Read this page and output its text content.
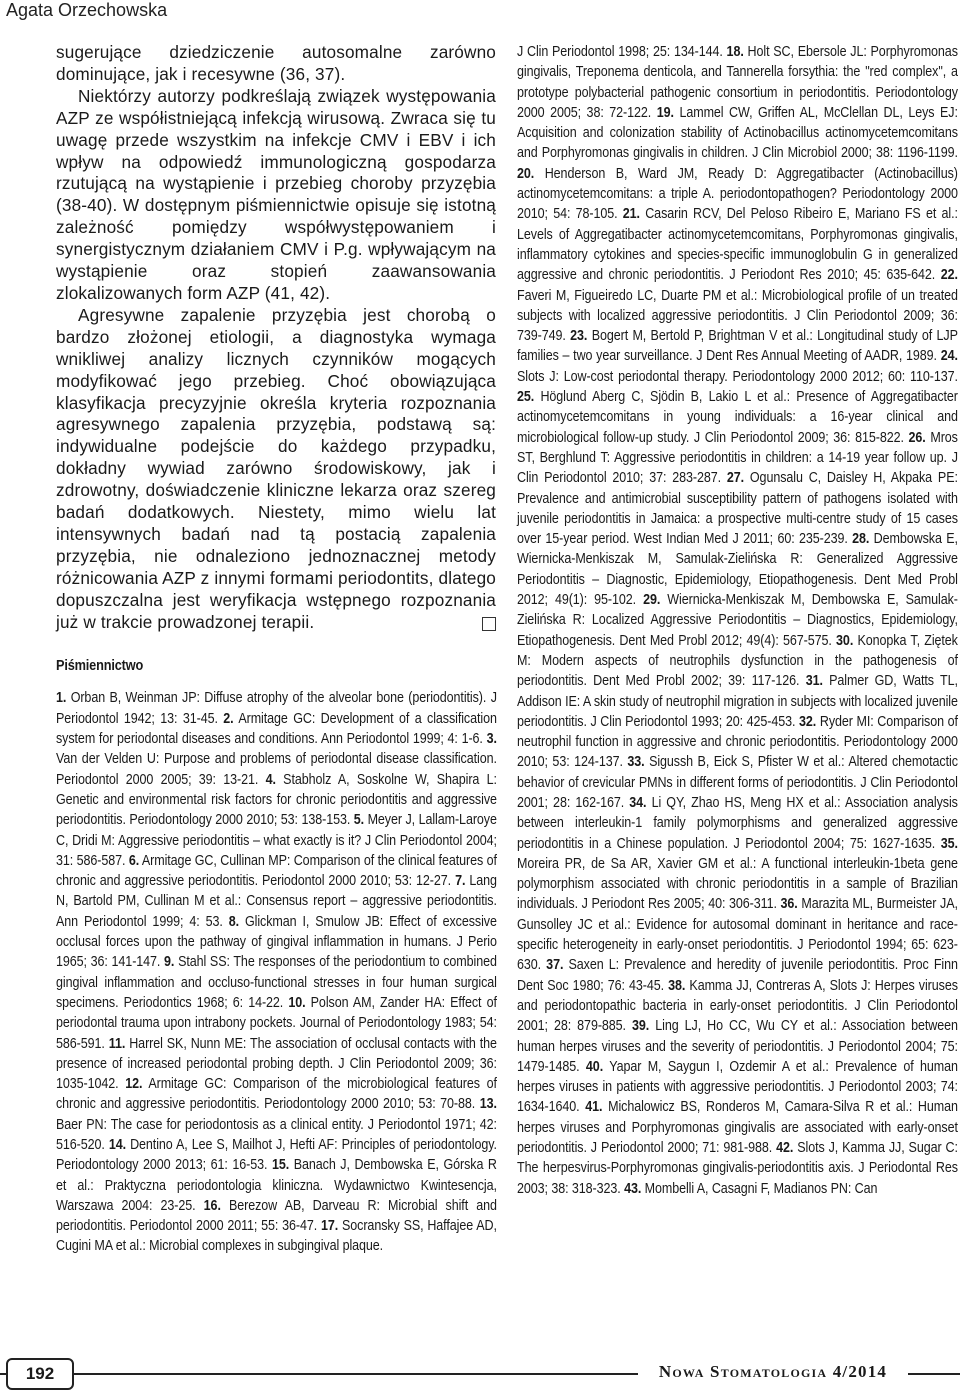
Agata Orzechowska

sugerujące dziedziczenie autosomalne zarówno dominujące, jak i recesywne (36, 37).

Niektórzy autorzy podkreślają związek występowania AZP ze współistniejącą infekcją wirusową. Zwraca się tu uwagę przede wszystkim na infekcje CMV i EBV i ich wpływ na odpowiedź immunologiczną gospodarza rzutującą na wystąpienie i przebieg choroby przyzębia (38-40). W dostępnym piśmiennictwie opisuje się istotną zależność pomiędzy współwystępowaniem i synergistycznym działaniem CMV i P.g. wpływającym na wystąpienie oraz stopień zaawansowania zlokalizowanych form AZP (41, 42).

Agresywne zapalenie przyzębia jest chorobą o bardzo złożonej etiologii, a diagnostyka wymaga wnikliwej analizy licznych czynników mogących modyfikować jego przebieg. Choć obowiązująca klasyfikacja precyzyjnie określa kryteria rozpoznania agresywnego zapalenia przyzębia, podstawą są: indywidualne podejście do każdego przypadku, dokładny wywiad zarówno środowiskowy, jak i zdrowotny, doświadczenie kliniczne lekarza oraz szereg badań dodatkowych. Niestety, mimo wielu lat intensywnych badań nad tą postacią zapalenia przyzębia, nie odnaleziono jednoznacznej metody różnicowania AZP z innymi formami periodontits, dlatego dopuszczalna jest weryfikacja wstępnego rozpoznania już w trakcie prowadzonej terapii.

Piśmiennictwo
1. Orban B, Weinman JP: Diffuse atrophy of the alveolar bone (periodontitis). J Periodontol 1942; 13: 31-45. 2. Armitage GC: Development of a classification system for periodontal diseases and conditions. Ann Periodontol 1999; 4: 1-6. 3. Van der Velden U: Purpose and problems of periodontal disease classification. Periodontol 2000 2005; 39: 13-21. 4. Stabholz A, Soskolne W, Shapira L: Genetic and environmental risk factors for chronic periodontitis and aggressive periodontitis. Periodontology 2000 2010; 53: 138-153. 5. Meyer J, Lallam-Laroye C, Dridi M: Aggressive periodontitis – what exactly is it? J Clin Periodontol 2004; 31: 586-587. 6. Armitage GC, Cullinan MP: Comparison of the clinical features of chronic and aggressive periodontitis. Periodontol 2000 2010; 53: 12-27. 7. Lang N, Bartold PM, Cullinan M et al.: Consensus report – aggressive periodontitis. Ann Periodontol 1999; 4: 53. 8. Glickman I, Smulow JB: Effect of excessive occlusal forces upon the pathway of gingival inflammation in humans. J Perio 1965; 36: 141-147. 9. Stahl SS: The responses of the periodontium to combined gingival inflammation and occluso-functional stresses in four human surgical specimens. Periodontics 1968; 6: 14-22. 10. Polson AM, Zander HA: Effect of periodontal trauma upon intrabony pockets. Journal of Periodontology 1983; 54: 586-591. 11. Harrel SK, Nunn ME: The association of occlusal contacts with the presence of increased periodontal probing depth. J Clin Periodontol 2009; 36: 1035-1042. 12. Armitage GC: Comparison of the microbiological features of chronic and aggressive periodontitis. Periodontology 2000 2010; 53: 70-88. 13. Baer PN: The case for periodontosis as a clinical entity. J Periodontol 1971; 42: 516-520. 14. Dentino A, Lee S, Mailhot J, Hefti AF: Principles of periodontology. Periodontology 2000 2013; 61: 16-53. 15. Banach J, Dembowska E, Górska R et al.: Praktyczna periodontologia kliniczna. Wydawnictwo Kwintesencja, Warszawa 2004: 23-25. 16. Berezow AB, Darveau R: Microbial shift and periodontitis. Periodontol 2000 2011; 55: 36-47. 17. Socransky SS, Haffajee AD, Cugini MA et al.: Microbial complexes in subgingival plaque.
J Clin Periodontol 1998; 25: 134-144. 18. Holt SC, Ebersole JL: Porphyromonas gingivalis, Treponema denticola, and Tannerella forsythia: the "red complex", a prototype polybacterial pathogenic consortium in periodontitis. Periodontology 2000 2005; 38: 72-122. 19. Lammel CW, Griffen AL, McClellan DL, Leys EJ: Acquisition and colonization stability of Actinobacillus actinomycetemcomitans and Porphyromonas gingivalis in children. J Clin Microbiol 2000; 38: 1196-1199. 20. Henderson B, Ward JM, Ready D: Aggregatibacter (Actinobacillus) actinomycetemcomitans: a triple A. periodontopathogen? Periodontology 2000 2010; 54: 78-105. 21. Casarin RCV, Del Peloso Ribeiro E, Mariano FS et al.: Levels of Aggregatibacter actinomycetemcomitans, Porphyromonas gingivalis, inflammatory cytokines and species-specific immunoglobulin G in generalized aggressive and chronic periodontitis. J Periodont Res 2010; 45: 635-642. 22. Faveri M, Figueiredo LC, Duarte PM et al.: Microbiological profile of un treated subjects with localized aggressive periodontitis. J Clin Periodontol 2009; 36: 739-749. 23. Bogert M, Bertold P, Brightman V et al.: Longitudinal study of LJP families – two year surveillance. J Dent Res Annual Meeting of AADR, 1989. 24. Slots J: Low-cost periodontal therapy. Periodontology 2000 2012; 60: 110-137. 25. Höglund Aberg C, Sjödin B, Lakio L et al.: Presence of Aggregatibacter actinomycetemcomitans in young individuals: a 16-year clinical and microbiological follow-up study. J Clin Periodontol 2009; 36: 815-822. 26. Mros ST, Berghlund T: Aggressive periodontitis in children: a 14-19 year follow up. J Clin Periodontol 2010; 37: 283-287. 27. Ogunsalu C, Daisley H, Akpaka PE: Prevalence and antimicrobial susceptibility pattern of pathogens isolated with juvenile periodontitis in Jamaica: a prospective multi-centre study of 15 cases over 15-year period. West Indian Med J 2011; 60: 235-239. 28. Dembowska E, Wiernicka-Menkiszak M, Samulak-Zielińska R: Generalized Aggressive Periodontitis – Diagnostic, Epidemiology, Etiopathogenesis. Dent Med Probl 2012; 49(1): 95-102. 29. Wiernicka-Menkiszak M, Dembowska E, Samulak-Zielińska R: Localized Aggressive Periodontitis – Diagnostics, Epidemiology, Etiopathogenesis. Dent Med Probl 2012; 49(4): 567-575. 30. Konopka T, Ziętek M: Modern aspects of neutrophils dysfunction in the pathogenesis of periodontitis. Dent Med Probl 2002; 39: 117-126. 31. Palmer GD, Watts TL, Addison IE: A skin study of neutrophil migration in subjects with localized juvenile periodontitis. J Clin Periodontol 1993; 20: 425-453. 32. Ryder MI: Comparison of neutrophil function in aggressive and chronic periodontitis. Periodontology 2000 2010; 53: 124-137. 33. Sigussh B, Eick S, Pfister W et al.: Altered chemotactic behavior of crevicular PMNs in different forms of periodontitis. J Clin Periodontol 2001; 28: 162-167. 34. Li QY, Zhao HS, Meng HX et al.: Association analysis between interleukin-1 family polymorphisms and generalized aggressive periodontitis in a Chinese population. J Periodontol 2004; 75: 1627-1635. 35. Moreira PR, de Sa AR, Xavier GM et al.: A functional interleukin-1beta gene polymorphism associated with chronic periodontitis in a sample of Brazilian individuals. J Periodont Res 2005; 40: 306-311. 36. Marazita ML, Burmeister JA, Gunsolley JC et al.: Evidence for autosomal dominant in heritance and race-specific heterogeneity in early-onset periodontitis. J Periodontol 1994; 65: 623-630. 37. Saxen L: Prevalence and heredity of juvenile periodontitis. Proc Finn Dent Soc 1980; 76: 43-45. 38. Kamma JJ, Contreras A, Slots J: Herpes viruses and periodontopathic bacteria in early-onset periodontitis. J Clin Periodontol 2001; 28: 879-885. 39. Ling LJ, Ho CC, Wu CY et al.: Association between human herpes viruses and the severity of periodontitis. J Periodontol 2004; 75: 1479-1485. 40. Yapar M, Saygun I, Ozdemir A et al.: Prevalence of human herpes viruses in patients with aggressive periodontitis. J Periodontol 2003; 74: 1634-1640. 41. Michalowicz BS, Ronderos M, Camara-Silva R et al.: Human herpes viruses and Porphyromonas gingivalis are associated with early-onset periodontitis. J Periodontol 2000; 71: 981-988. 42. Slots J, Kamma JJ, Sugar C: The herpesvirus-Porphyromonas gingivalis-periodontitis axis. J Periodontal Res 2003; 38: 318-323. 43. Mombelli A, Casagni F, Madianos PN: Can
192	Nowa Stomatologia 4/2014
